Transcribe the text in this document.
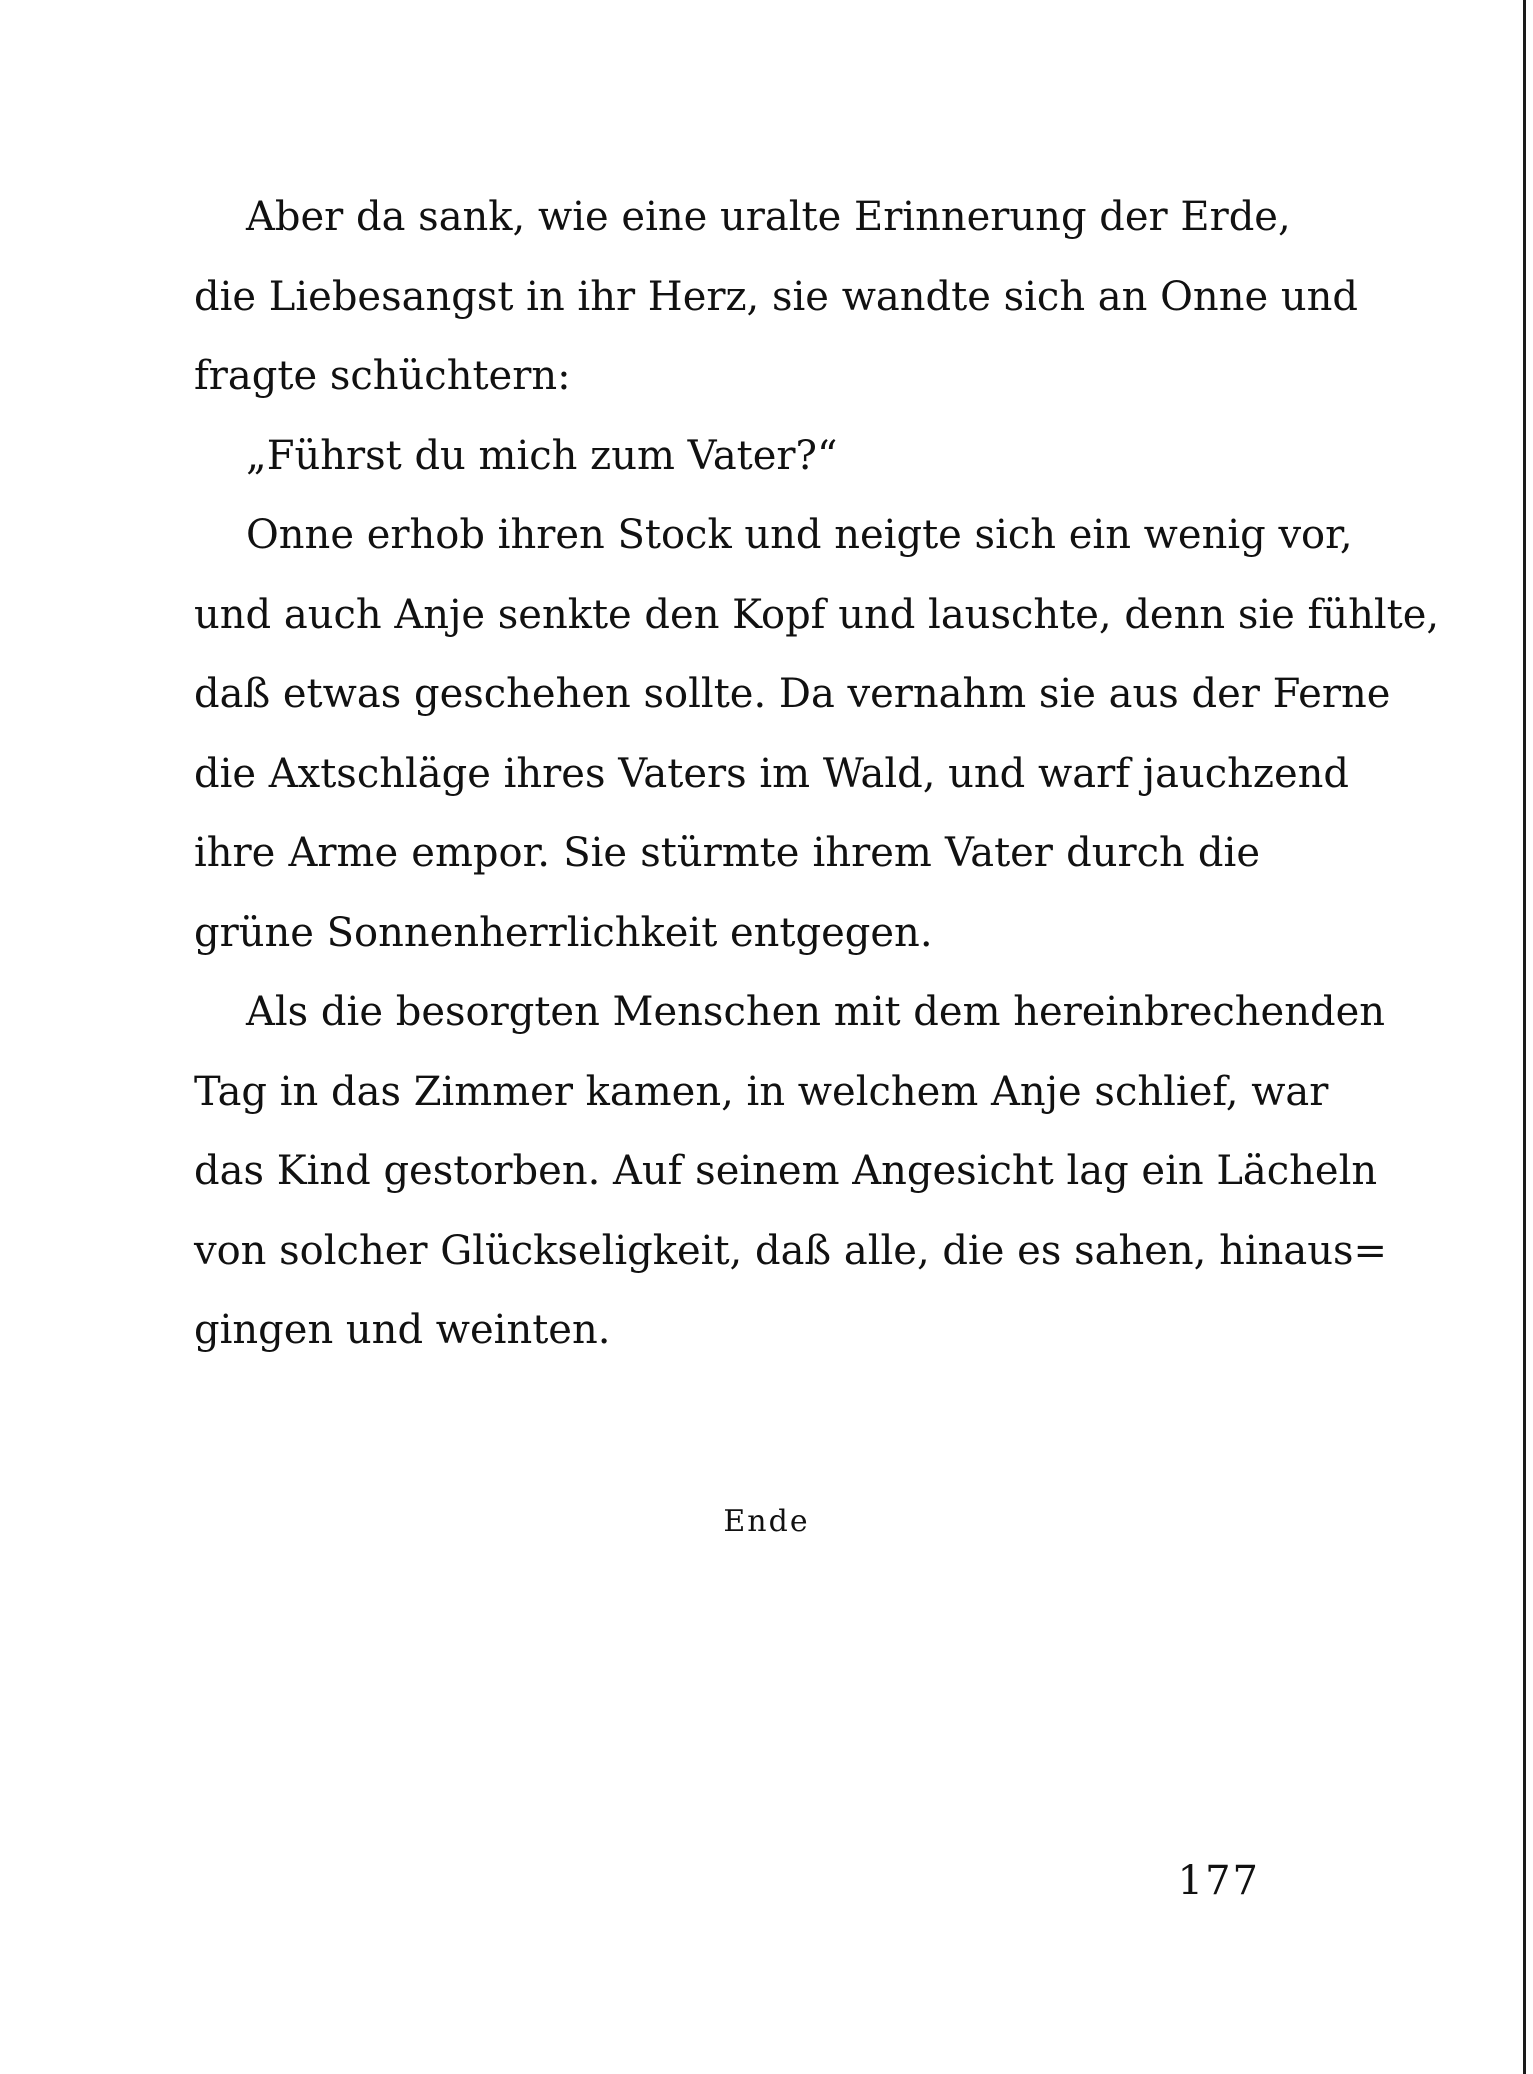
Aber da sank, wie eine uralte Erinnerung der Erde,
die Liebesangst in ihr Herz, sie wandte sich an Onne und
fragte schüchtern:
„Führst du mich zum Vater?“
Onne erhob ihren Stock und neigte sich ein wenig vor,
und auch Anje senkte den Kopf und lauschte, denn sie fühlte,
daß etwas geschehen sollte. Da vernahm sie aus der Ferne
die Axtschläge ihres Vaters im Wald, und warf jauchzend
ihre Arme empor. Sie stürmte ihrem Vater durch die
grüne Sonnenherrlichkeit entgegen.
Als die besorgten Menschen mit dem hereinbrechenden
Tag in das Zimmer kamen, in welchem Anje schlief, war
das Kind gestorben. Auf seinem Angesicht lag ein Lächeln
von solcher Glückseligkeit, daß alle, die es sahen, hinaus=
gingen und weinten.
Ende
177
